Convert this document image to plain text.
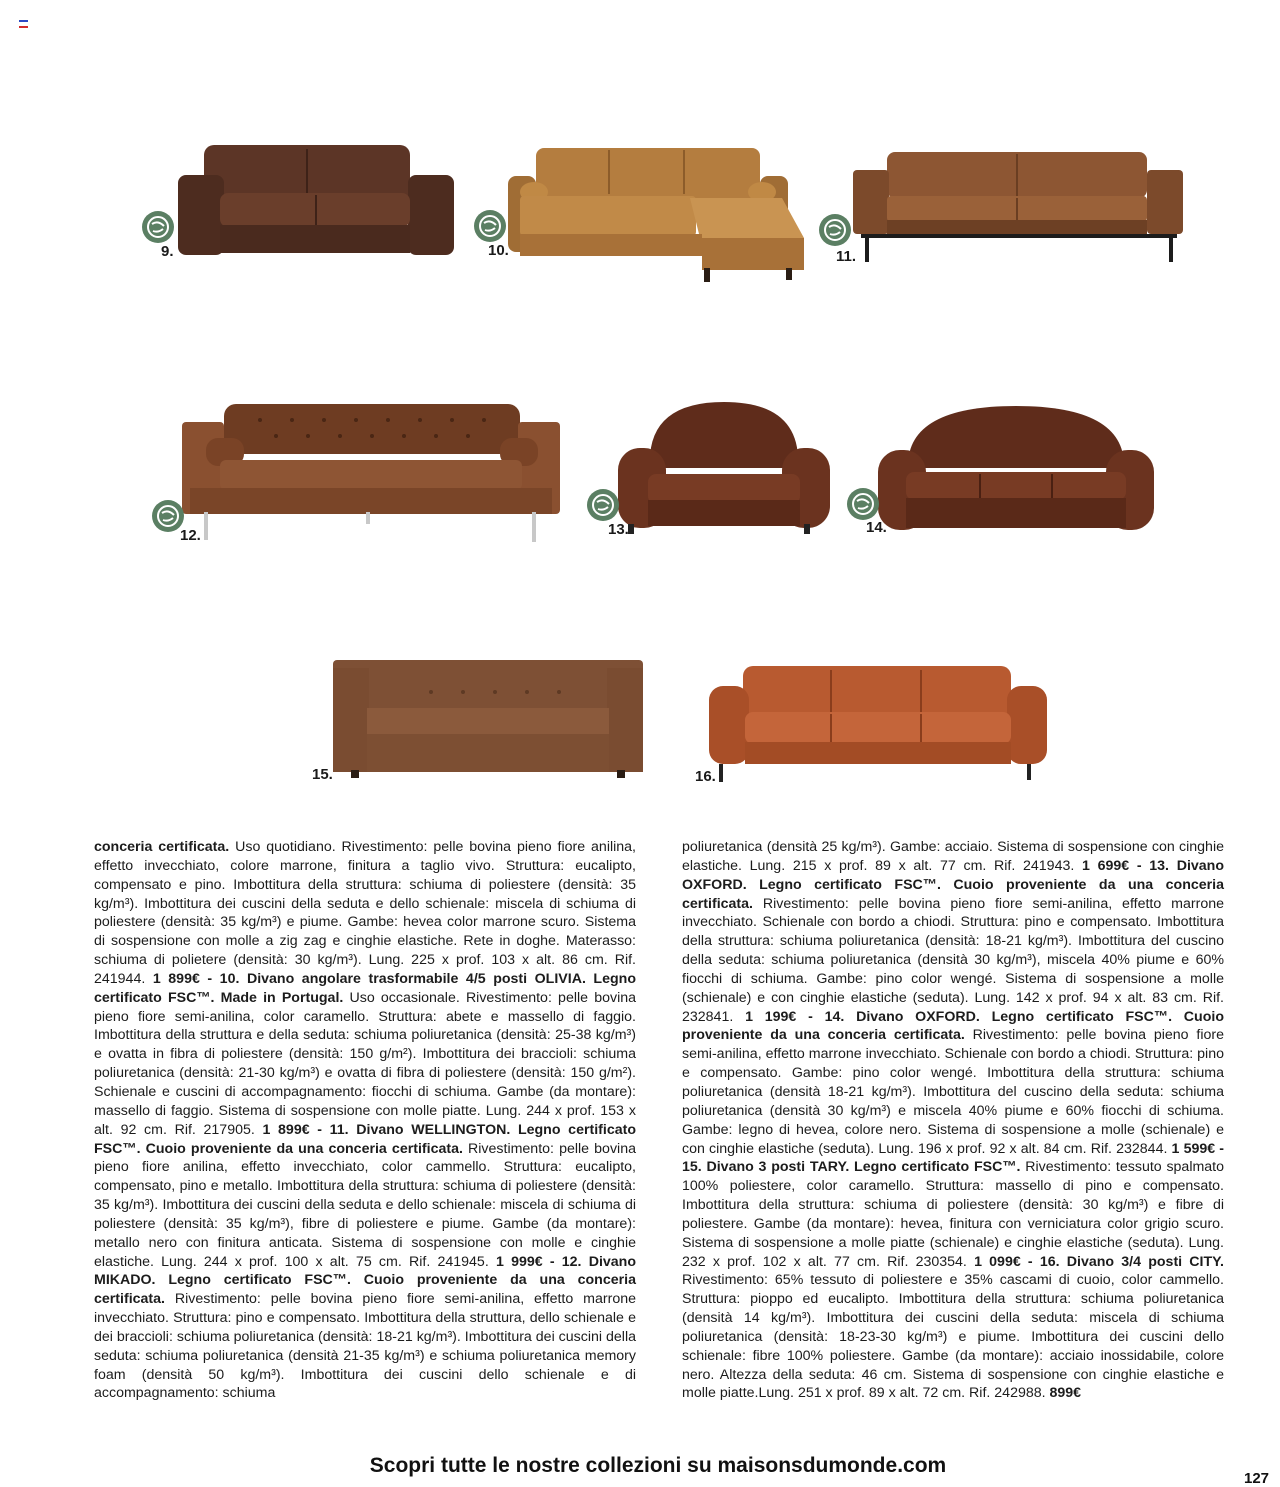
9.	10.	11.
12.	13.	14.
15.	16.
conceria certificata. Uso quotidiano. Rivestimento: pelle bovina pieno fiore anilina, effetto invecchiato, colore marrone, finitura a taglio vivo. Struttura: eucalipto, compensato e pino. Imbottitura della struttura: schiuma di poliestere (densità: 35 kg/m³). Imbottitura dei cuscini della seduta e dello schienale: miscela di schiuma di poliestere (densità: 35 kg/m³) e piume. Gambe: hevea color marrone scuro. Sistema di sospensione con molle a zig zag e cinghie elastiche. Rete in doghe. Materasso: schiuma di polietere (densità: 30 kg/m³). Lung. 225 x prof. 103 x alt. 86 cm. Rif. 241944. 1 899€ - 10. Divano angolare trasformabile 4/5 posti OLIVIA. Legno certificato FSC™. Made in Portugal. Uso occasionale. Rivestimento: pelle bovina pieno fiore semi-anilina, color caramello. Struttura: abete e massello di faggio. Imbottitura della struttura e della seduta: schiuma poliuretanica (densità: 25-38 kg/m³) e ovatta in fibra di poliestere (densità: 150 g/m²). Imbottitura dei braccioli: schiuma poliuretanica (densità: 21-30 kg/m³) e ovatta di fibra di poliestere (densità: 150 g/m²). Schienale e cuscini di accompagnamento: fiocchi di schiuma. Gambe (da montare): massello di faggio. Sistema di sospensione con molle piatte. Lung. 244 x prof. 153 x alt. 92 cm. Rif. 217905. 1 899€ - 11. Divano WELLINGTON. Legno certificato FSC™. Cuoio proveniente da una conceria certificata. Rivestimento: pelle bovina pieno fiore anilina, effetto invecchiato, color cammello. Struttura: eucalipto, compensato, pino e metallo. Imbottitura della struttura: schiuma di poliestere (densità: 35 kg/m³). Imbottitura dei cuscini della seduta e dello schienale: miscela di schiuma di poliestere (densità: 35 kg/m³), fibre di poliestere e piume. Gambe (da montare): metallo nero con finitura anticata. Sistema di sospensione con molle e cinghie elastiche. Lung. 244 x prof. 100 x alt. 75 cm. Rif. 241945. 1 999€ - 12. Divano MIKADO. Legno certificato FSC™. Cuoio proveniente da una conceria certificata. Rivestimento: pelle bovina pieno fiore semi-anilina, effetto marrone invecchiato. Struttura: pino e compensato. Imbottitura della struttura, dello schienale e dei braccioli: schiuma poliuretanica (densità: 18-21 kg/m³). Imbottitura dei cuscini della seduta: schiuma poliuretanica (densità 21-35 kg/m³) e schiuma poliuretanica memory foam (densità 50 kg/m³). Imbottitura dei cuscini dello schienale e di accompagnamento: schiuma
poliuretanica (densità 25 kg/m³). Gambe: acciaio. Sistema di sospensione con cinghie elastiche. Lung. 215 x prof. 89 x alt. 77 cm. Rif. 241943. 1 699€ - 13. Divano OXFORD. Legno certificato FSC™. Cuoio proveniente da una conceria certificata. Rivestimento: pelle bovina pieno fiore semi-anilina, effetto marrone invecchiato. Schienale con bordo a chiodi. Struttura: pino e compensato. Imbottitura della struttura: schiuma poliuretanica (densità: 18-21 kg/m³). Imbottitura del cuscino della seduta: schiuma poliuretanica (densità 30 kg/m³), miscela 40% piume e 60% fiocchi di schiuma. Gambe: pino color wengé. Sistema di sospensione a molle (schienale) e con cinghie elastiche (seduta). Lung. 142 x prof. 94 x alt. 83 cm. Rif. 232841. 1 199€ - 14. Divano OXFORD. Legno certificato FSC™. Cuoio proveniente da una conceria certificata. Rivestimento: pelle bovina pieno fiore semi-anilina, effetto marrone invecchiato. Schienale con bordo a chiodi. Struttura: pino e compensato. Gambe: pino color wengé. Imbottitura della struttura: schiuma poliuretanica (densità 18-21 kg/m³). Imbottitura del cuscino della seduta: schiuma poliuretanica (densità 30 kg/m³) e miscela 40% piume e 60% fiocchi di schiuma. Gambe: legno di hevea, colore nero. Sistema di sospensione a molle (schienale) e con cinghie elastiche (seduta). Lung. 196 x prof. 92 x alt. 84 cm. Rif. 232844. 1 599€ - 15. Divano 3 posti TARY. Legno certificato FSC™. Rivestimento: tessuto spalmato 100% poliestere, color caramello. Struttura: massello di pino e compensato. Imbottitura della struttura: schiuma di poliestere (densità: 30 kg/m³) e fibre di poliestere. Gambe (da montare): hevea, finitura con verniciatura color grigio scuro. Sistema di sospensione a molle piatte (schienale) e cinghie elastiche (seduta). Lung. 232 x prof. 102 x alt. 77 cm. Rif. 230354. 1 099€ - 16. Divano 3/4 posti CITY. Rivestimento: 65% tessuto di poliestere e 35% cascami di cuoio, color cammello. Struttura: pioppo ed eucalipto. Imbottitura della struttura: schiuma poliuretanica (densità 14 kg/m³). Imbottitura dei cuscini della seduta: miscela di schiuma poliuretanica (densità: 18-23-30 kg/m³) e piume. Imbottitura dei cuscini dello schienale: fibre 100% poliestere. Gambe (da montare): acciaio inossidabile, colore nero. Altezza della seduta: 46 cm. Sistema di sospensione con cinghie elastiche e molle piatte.Lung. 251 x prof. 89 x alt. 72 cm. Rif. 242988. 899€
Scopri tutte le nostre collezioni su maisonsdumonde.com
127
